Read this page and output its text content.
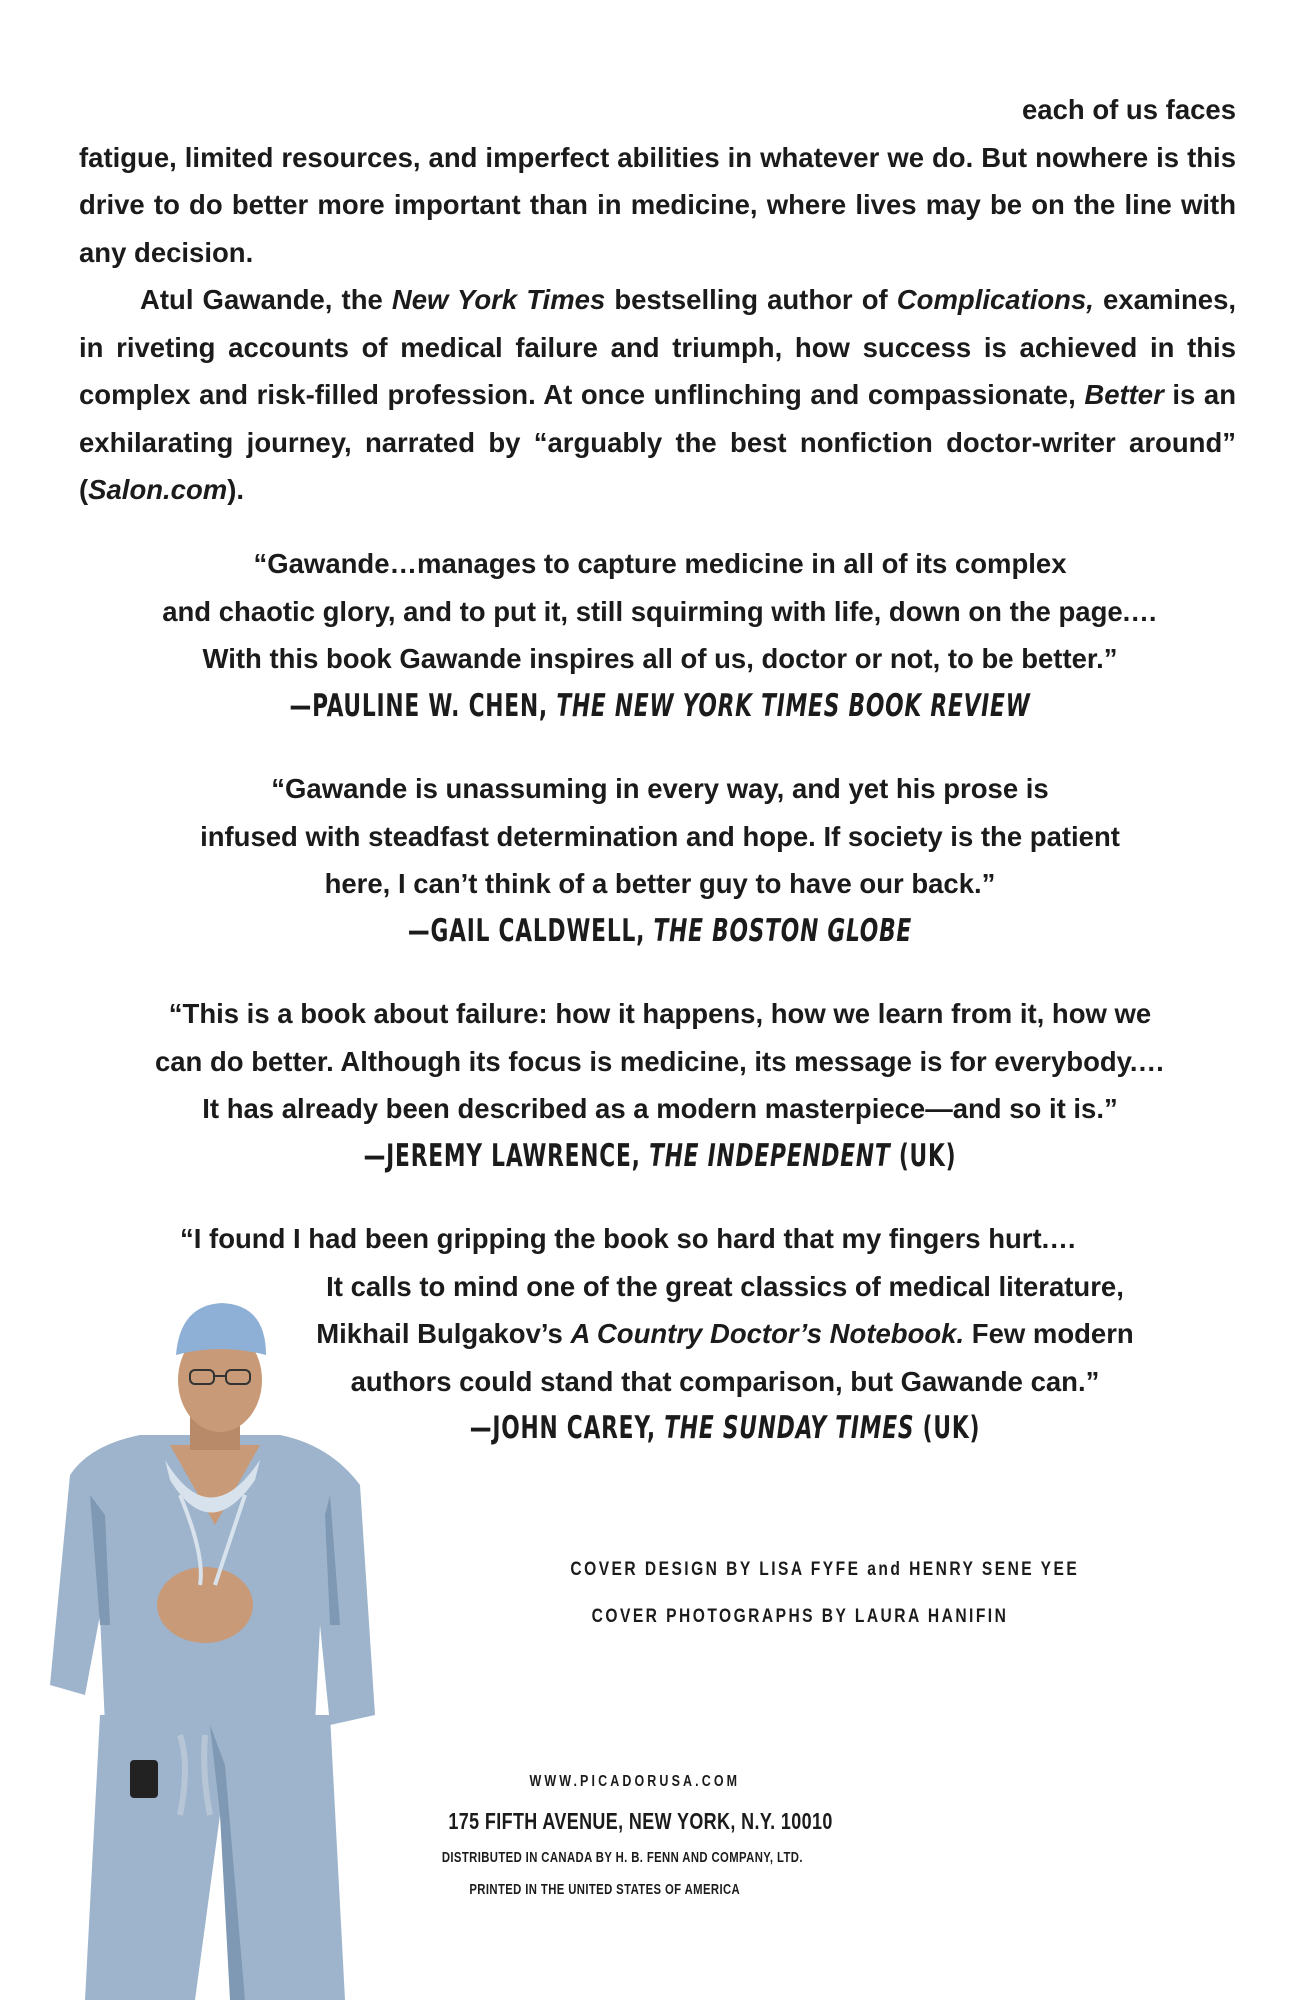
each of us faces

fatigue, limited resources, and imperfect abilities in whatever we do. But nowhere is this drive to do better more important than in medicine, where lives may be on the line with any decision.

Atul Gawande, the New York Times bestselling author of Complications, examines, in riveting accounts of medical failure and triumph, how success is achieved in this complex and risk-filled profession. At once unflinching and compassionate, Better is an exhilarating journey, narrated by “arguably the best nonfiction doctor-writer around” (Salon.com).

“Gawande…manages to capture medicine in all of its complex
and chaotic glory, and to put it, still squirming with life, down on the page.…
With this book Gawande inspires all of us, doctor or not, to be better.”
—PAULINE W. CHEN, THE NEW YORK TIMES BOOK REVIEW
“Gawande is unassuming in every way, and yet his prose is
infused with steadfast determination and hope. If society is the patient
here, I can’t think of a better guy to have our back.”
—GAIL CALDWELL, THE BOSTON GLOBE
“This is a book about failure: how it happens, how we learn from it, how we
can do better. Although its focus is medicine, its message is for everybody.…
It has already been described as a modern masterpiece—and so it is.”
—JEREMY LAWRENCE, THE INDEPENDENT (UK)
“I found I had been gripping the book so hard that my fingers hurt.…
It calls to mind one of the great classics of medical literature,
Mikhail Bulgakov’s A Country Doctor’s Notebook. Few modern
authors could stand that comparison, but Gawande can.”
—JOHN CAREY, THE SUNDAY TIMES (UK)
COVER DESIGN BY LISA FYFE and HENRY SENE YEE
COVER PHOTOGRAPHS BY LAURA HANIFIN
WWW.PICADORUSA.COM
175 FIFTH AVENUE, NEW YORK, N.Y. 10010
DISTRIBUTED IN CANADA BY H. B. FENN AND COMPANY, LTD.
PRINTED IN THE UNITED STATES OF AMERICA
